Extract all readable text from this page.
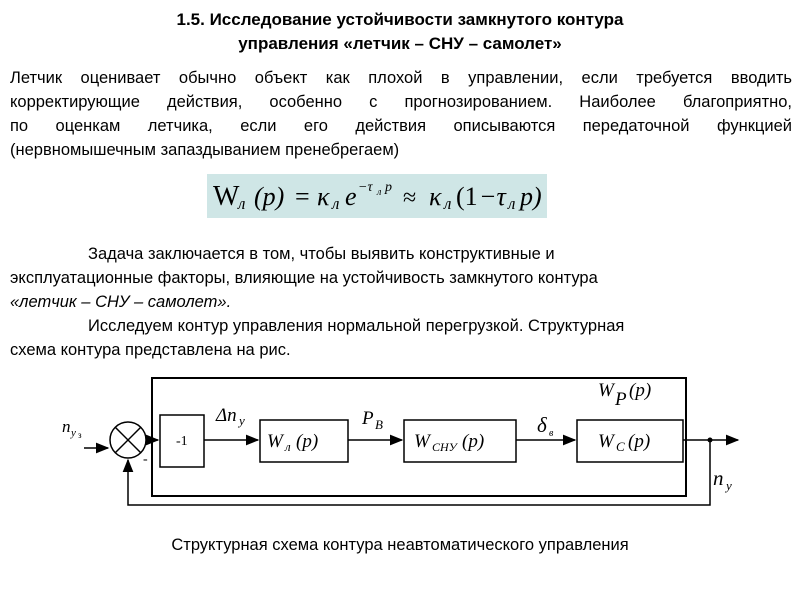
1.5. Исследование устойчивости замкнутого контура
управления «летчик – СНУ – самолет»
Летчик оценивает обычно объект как плохой в управлении, если требуется вводить
корректирующие действия, особенно с прогнозированием. Наиболее благоприятно,
по оценкам летчика, если его действия описываются передаточной функцией
(нервномышечным запаздыванием пренебрегаем)
W
л (p) = κ л e −τ л p ≈ κ л (1 −τ л p)
Задача заключается в том, чтобы выявить конструктивные и
эксплуатационные факторы, влияющие на устойчивость замкнутого контура
«летчик – СНУ – самолет».
Исследуем контур управления нормальной перегрузкой. Структурная
схема контура представлена на рис.
n y з
-
-1
Δn y
W л (p)
P B
W СНУ (p)
δ в W C (p)
W P (p)
n y
Структурная схема контура неавтоматического управления
